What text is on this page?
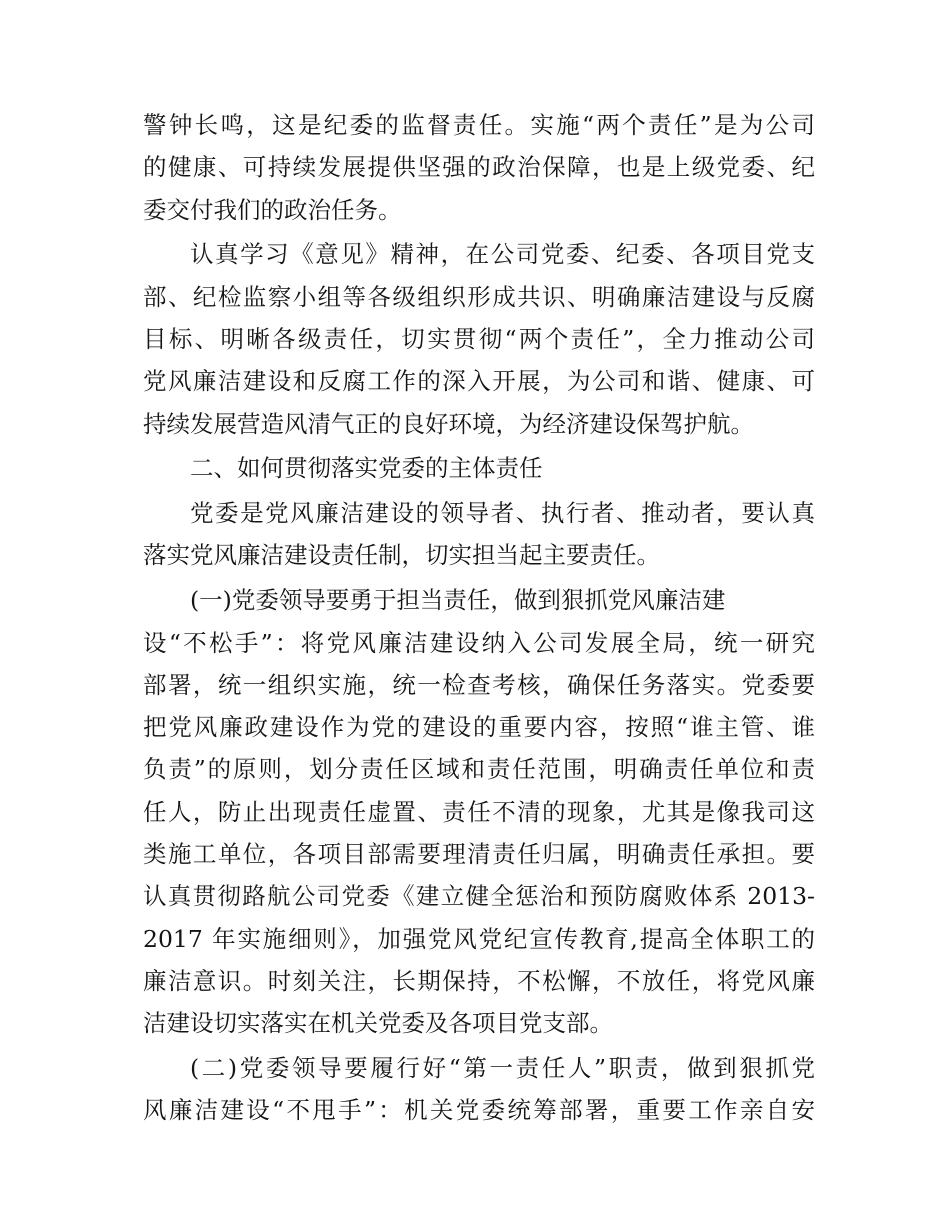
警钟长鸣，这是纪委的监督责任。实施“两个责任”是为公司
的健康、可持续发展提供坚强的政治保障，也是上级党委、纪
委交付我们的政治任务。
认真学习《意见》精神，在公司党委、纪委、各项目党支
部、纪检监察小组等各级组织形成共识、明确廉洁建设与反腐
目标、明晰各级责任，切实贯彻“两个责任”，全力推动公司
党风廉洁建设和反腐工作的深入开展，为公司和谐、健康、可
持续发展营造风清气正的良好环境，为经济建设保驾护航。
二、如何贯彻落实党委的主体责任
党委是党风廉洁建设的领导者、执行者、推动者，要认真
落实党风廉洁建设责任制，切实担当起主要责任。
(一)党委领导要勇于担当责任，做到狠抓党风廉洁建
设“不松手”：将党风廉洁建设纳入公司发展全局，统一研究
部署，统一组织实施，统一检查考核，确保任务落实。党委要
把党风廉政建设作为党的建设的重要内容，按照“谁主管、谁
负责”的原则，划分责任区域和责任范围，明确责任单位和责
任人，防止出现责任虚置、责任不清的现象，尤其是像我司这
类施工单位，各项目部需要理清责任归属，明确责任承担。要
认真贯彻路航公司党委《建立健全惩治和预防腐败体系 2013-
2017 年实施细则》，加强党风党纪宣传教育,提高全体职工的
廉洁意识。时刻关注，长期保持，不松懈，不放任，将党风廉
洁建设切实落实在机关党委及各项目党支部。
(二)党委领导要履行好“第一责任人”职责，做到狠抓党
风廉洁建设“不甩手”：机关党委统筹部署，重要工作亲自安
